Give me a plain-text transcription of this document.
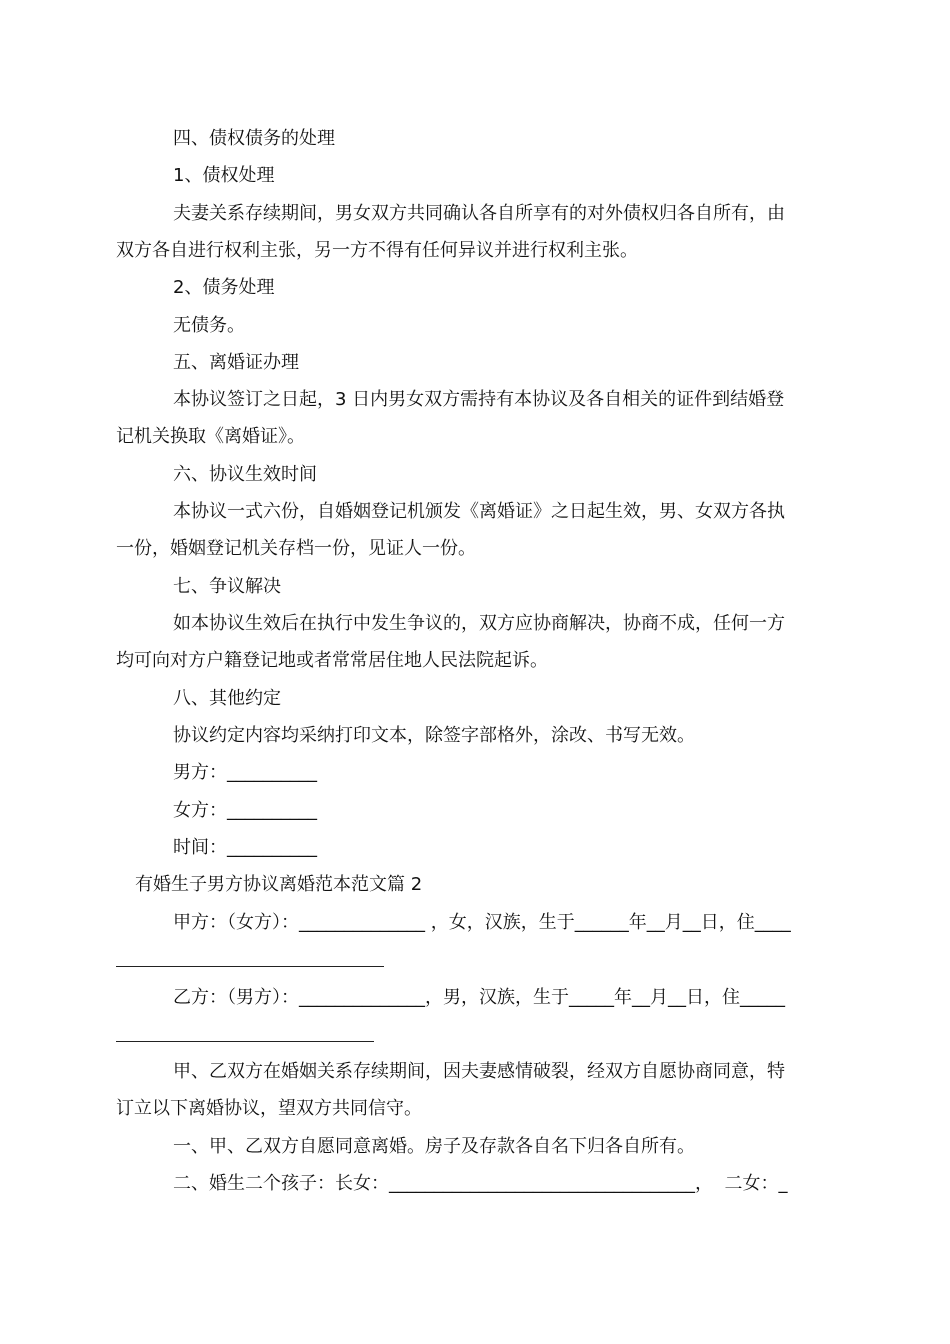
四、债权债务的处理
1、债权处理
夫妻关系存续期间，男女双方共同确认各自所享有的对外债权归各自所有，由
双方各自进行权利主张，另一方不得有任何异议并进行权利主张。
2、债务处理
无债务。
五、离婚证办理
本协议签订之日起，3 日内男女双方需持有本协议及各自相关的证件到结婚登
记机关换取《离婚证》。
六、协议生效时间
本协议一式六份，自婚姻登记机颁发《离婚证》之日起生效，男、女双方各执
一份，婚姻登记机关存档一份，见证人一份。
七、争议解决
如本协议生效后在执行中发生争议的，双方应协商解决，协商不成，任何一方
均可向对方户籍登记地或者常常居住地人民法院起诉。
八、其他约定
协议约定内容均采纳打印文本，除签字部格外，涂改、书写无效。
男方：__________
女方：__________
时间：__________
有婚生子男方协议离婚范本范文篇 2
甲方：（女方）：______________ ，女，汉族，生于______年__月__日，住____
乙方：（男方）：______________，男，汉族，生于_____年__月__日，住_____
甲、乙双方在婚姻关系存续期间，因夫妻感情破裂，经双方自愿协商同意，特
订立以下离婚协议，望双方共同信守。
一、甲、乙双方自愿同意离婚。房子及存款各自名下归各自所有。
二、婚生二个孩子：长女：__________________________________，  二女：_
